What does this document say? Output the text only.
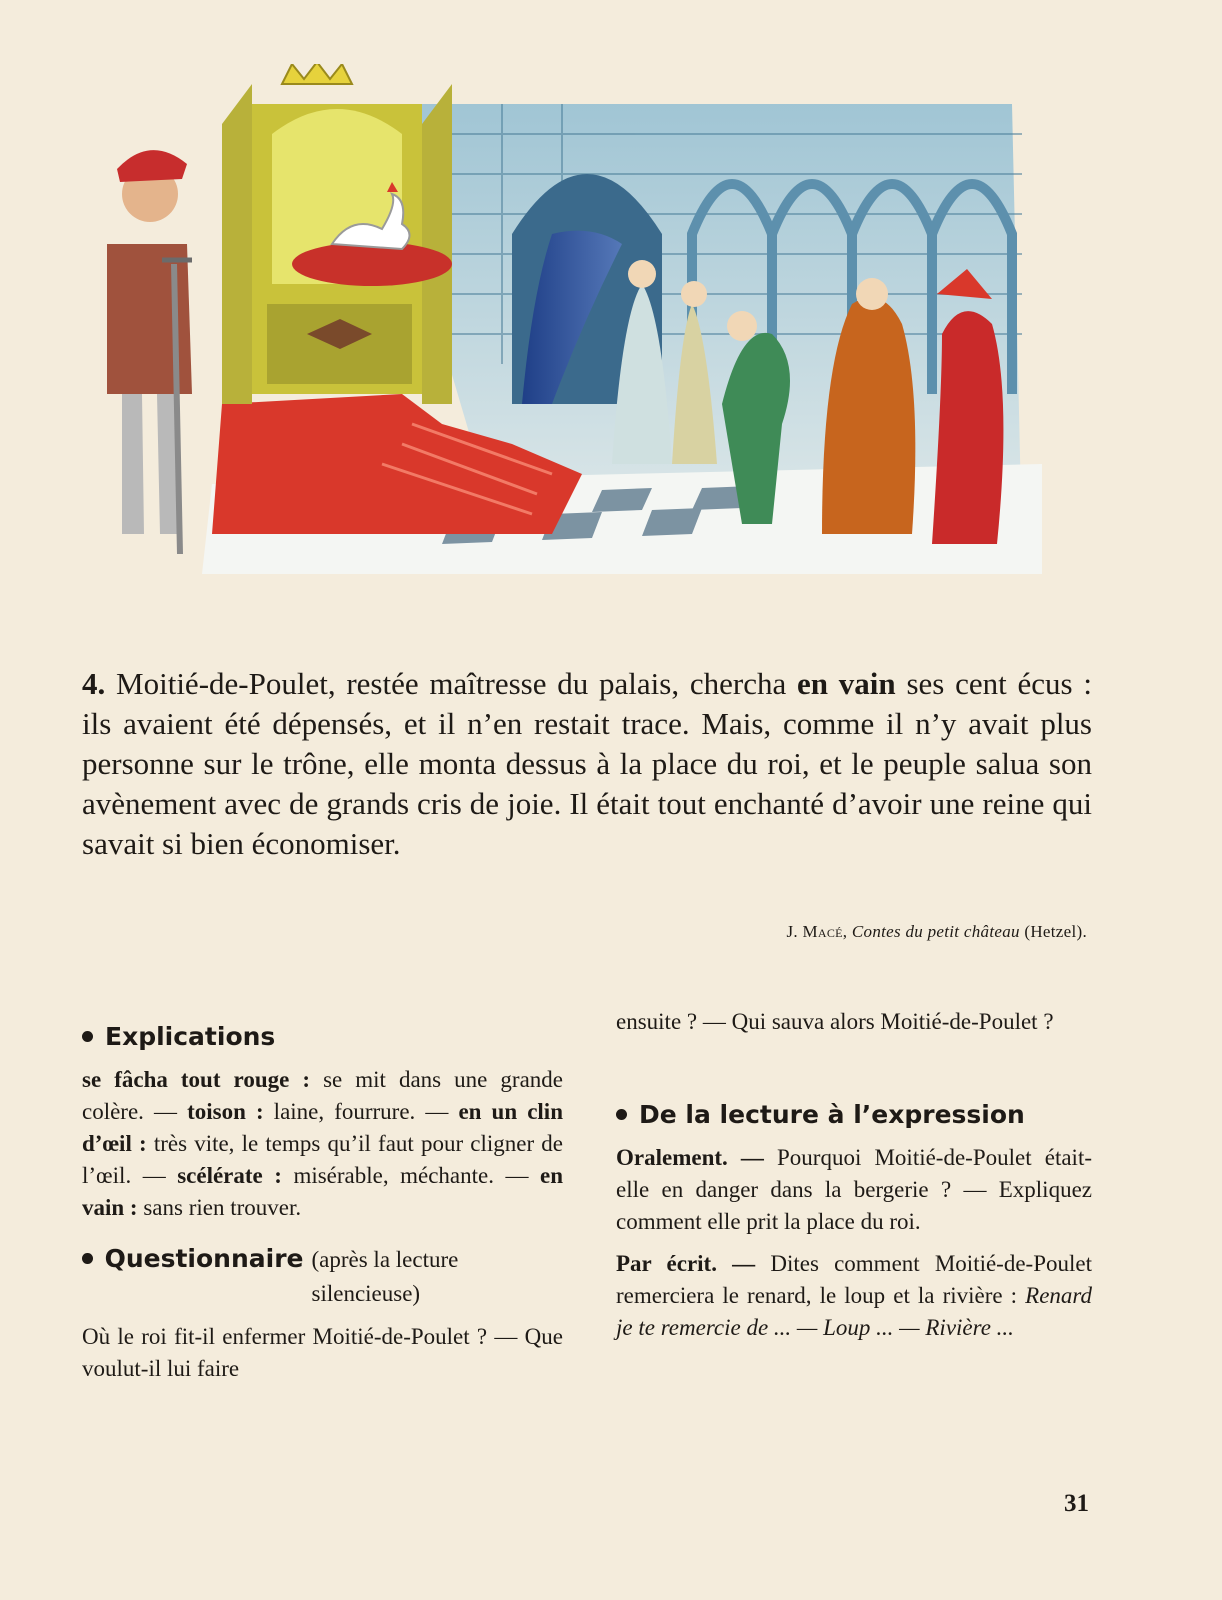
4. Moitié-de-Poulet, restée maîtresse du palais, chercha en vain ses cent écus : ils avaient été dépensés, et il n’en restait trace. Mais, comme il n’y avait plus personne sur le trône, elle monta dessus à la place du roi, et le peuple salua son avènement avec de grands cris de joie. Il était tout enchanté d’avoir une reine qui savait si bien économiser.

J. Macé, Contes du petit château (Hetzel).
Explications

se fâcha tout rouge : se mit dans une grande colère. — toison : laine, fourrure. — en un clin d’œil : très vite, le temps qu’il faut pour cligner de l’œil. — scélérate : misérable, méchante. — en vain : sans rien trouver.

Questionnaire (après la lecture silencieuse)

Où le roi fit-il enfermer Moitié-de-Poulet ? — Que voulut-il lui faire

De la lecture à l’expression

Oralement. — Pourquoi Moitié-de-Poulet était-elle en danger dans la bergerie ? — Expliquez comment elle prit la place du roi.

Par écrit. — Dites comment Moitié-de-Poulet remerciera le renard, le loup et la rivière : Renard je te remercie de ... — Loup ... — Rivière ...

ensuite ? — Qui sauva alors Moitié-de-Poulet ?

31
